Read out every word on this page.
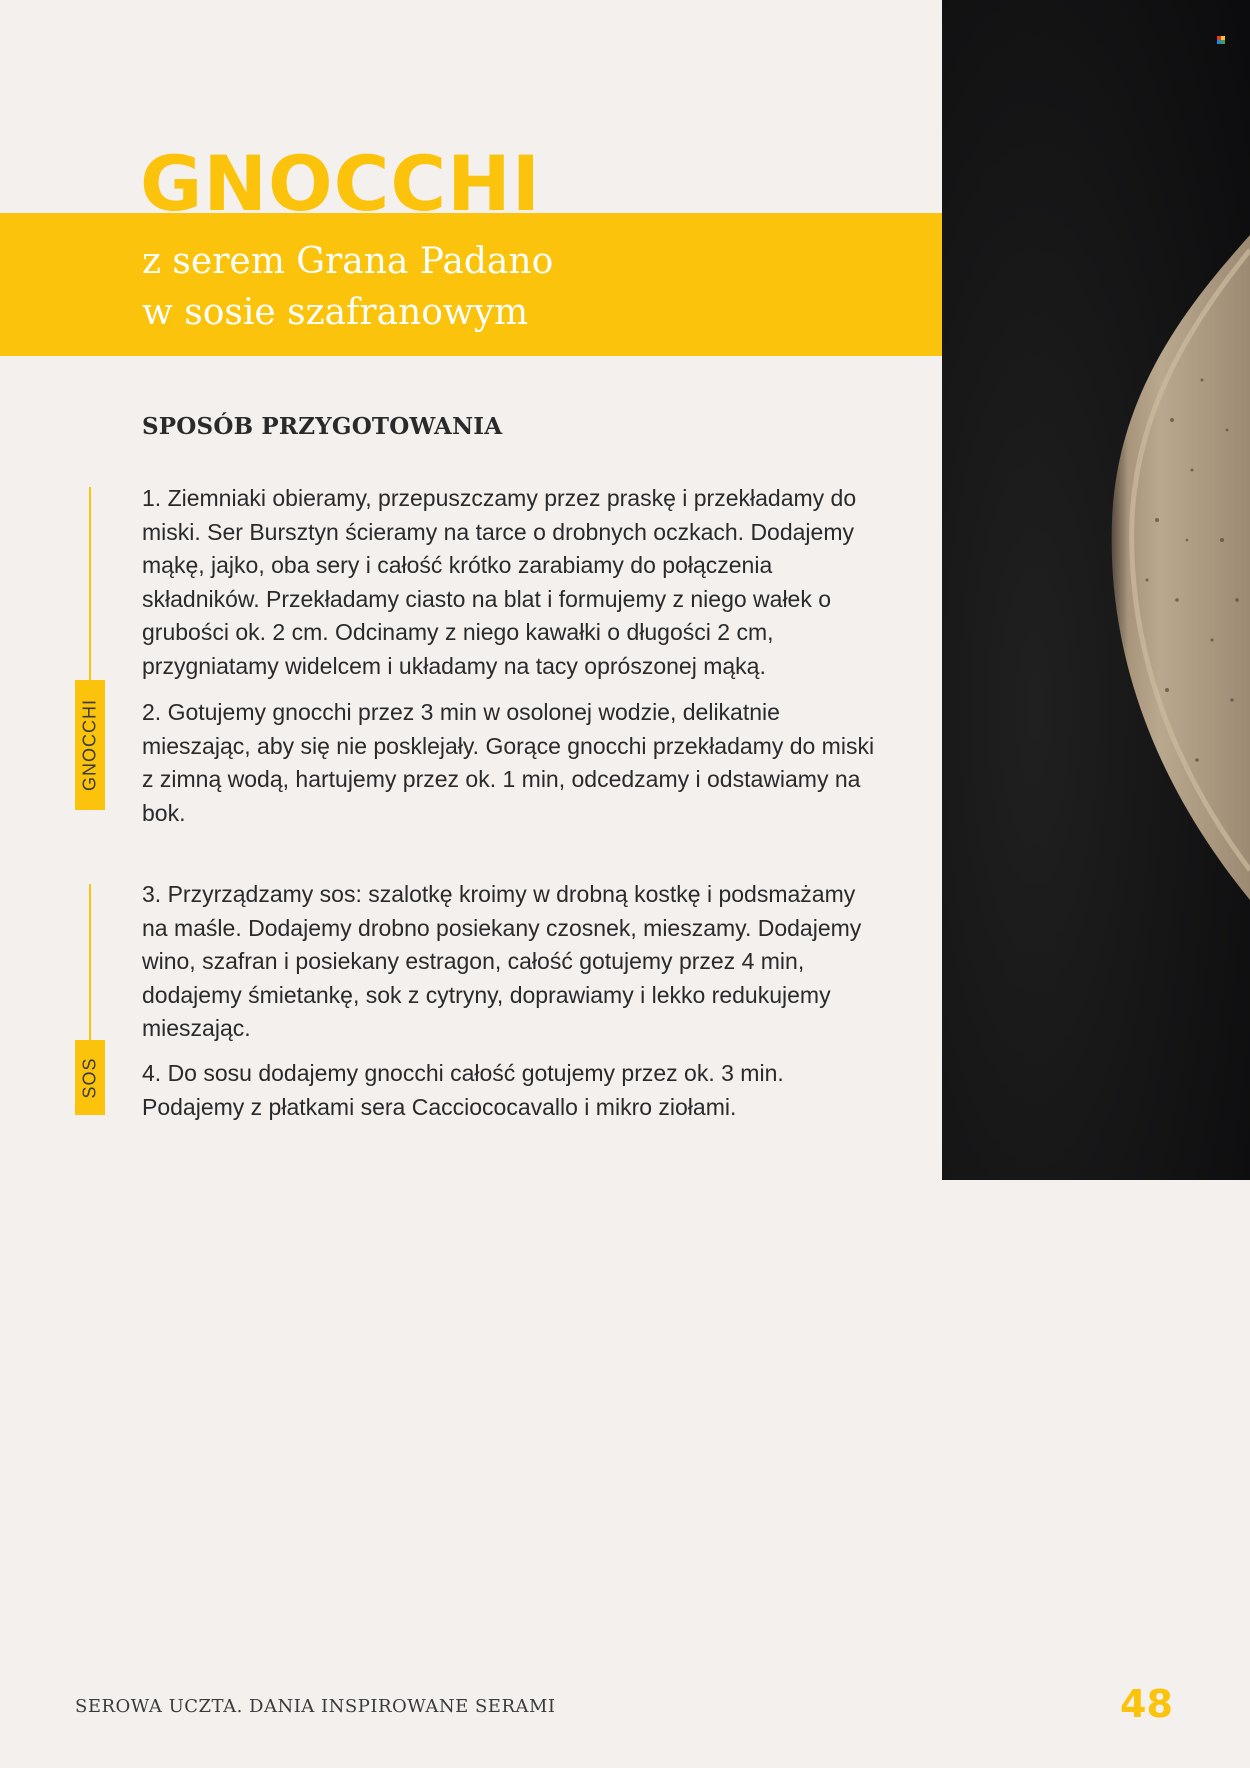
GNOCCHI
z serem Grana Padano
w sosie szafranowym
SPOSÓB PRZYGOTOWANIA
GNOCCHI
SOS

1. Ziemniaki obieramy, przepuszczamy przez praskę i przekładamy do miski. Ser Bursztyn ścieramy na tarce o drobnych oczkach. Dodajemy mąkę, jajko, oba sery i całość krótko zarabiamy do połączenia składników. Przekładamy ciasto na blat i formujemy z niego wałek o grubości ok. 2 cm. Odcinamy z niego kawałki o długości 2 cm, przygniatamy widelcem i układamy na tacy oprószonej mąką.

2. Gotujemy gnocchi przez 3 min w osolonej wodzie, delikatnie mieszając, aby się nie posklejały. Gorące gnocchi przekładamy do miski z zimną wodą, hartujemy przez ok. 1 min, odcedzamy i odstawiamy na bok.

3. Przyrządzamy sos: szalotkę kroimy w drobną kostkę i podsmażamy na maśle. Dodajemy drobno posiekany czosnek, mieszamy. Dodajemy wino, szafran i posiekany estragon, całość gotujemy przez 4 min, dodajemy śmietankę, sok z cytryny, doprawiamy i lekko redukujemy mieszając.

4. Do sosu dodajemy gnocchi całość gotujemy przez ok. 3 min. Podajemy z płatkami sera Cacciococavallo i mikro ziołami.

SEROWA UCZTA. DANIA INSPIROWANE SERAMI	48
